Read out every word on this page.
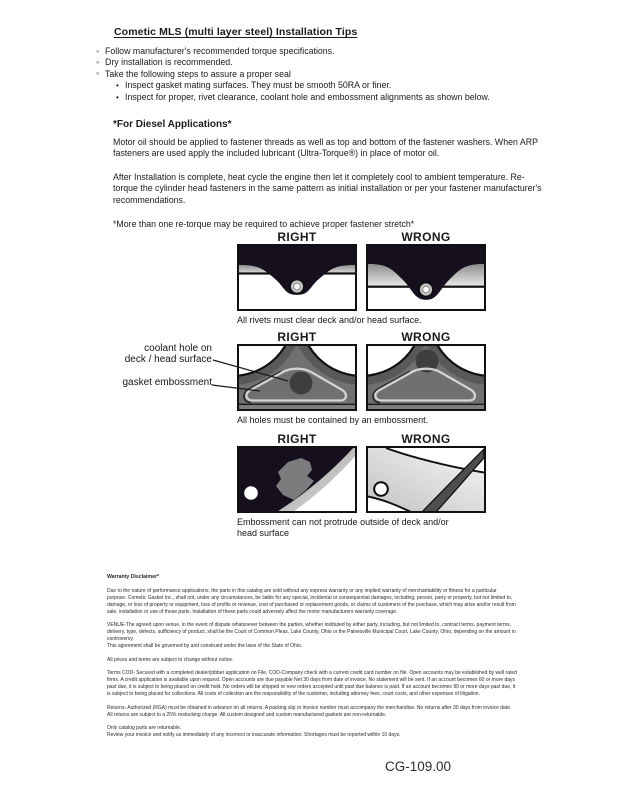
Cometic MLS (multi layer steel) Installation Tips
◦ Follow manufacturer's recommended torque specifications.
◦ Dry installation is recommended.
◦ Take the following steps to assure a proper seal
• Inspect gasket mating surfaces. They must be smooth 50RA or finer.
• Inspect for proper, rivet clearance, coolant hole and embossment alignments as shown below.
*For Diesel Applications*
Motor oil should be applied to fastener threads as well as top and bottom of the fastener washers. When ARP fasteners are used apply the included lubricant (Ultra-Torque®) in place of motor oil.
After Installation is complete, heat cycle the engine then let it completely cool to ambient temperature. Re-torque the cylinder head fasteners in the same pattern as initial installation or per your fastener manufacturer's recommendations.
*More than one re-torque may be required to achieve proper fastener stretch*
RIGHT	WRONG
All rivets must clear deck and/or head surface.
RIGHT	WRONG
All holes must be contained by an embossment.
coolant hole on
deck / head surface
gasket embossment
RIGHT	WRONG
Embossment can not protrude outside of deck and/or head surface
Warranty Disclaimer*

Due to the nature of performance applications, the parts in this catalog are sold without any express warranty or any implied warranty of merchantability or fitness for a particular purpose. Cometic Gasket Inc., shall not, under any circumstances, be liable for any special, incidental or consequential damages, including, person, party or property, but not limited to, damage, or loss of property or equipment, loss of profits or revenue, cost of purchased or replacement goods, or claims of customers of the purchase, which may arise and/or result from sale, installation or use of these parts. Installation of these parts could adversely affect the motor manufacturers warranty coverage.

VENUE-The agreed upon venue, in the event of dispute whatsoever between the parties, whether instituted by either party, including, but not limited to, contract terms, payment terms, delivery, type, defects, sufficiency of product, shall be the Court of Common Pleas, Lake County, Ohio or the Painesville Municipal Court, Lake County, Ohio, depending on the amount in controversy.

This agreement shall be governed by and construed under the laws of the State of Ohio.

All prices and terms are subject to change without notice.

Terms COD- Secured with a completed dealer/jobber application on File, COD-Company check with a current credit card number on file. Open accounts may be established by well rated firms. A credit application is available upon request. Open accounts are due payable Net 30 days from date of invoice. No statement will be sent. If an account becomes 60 or more days past due, it is subject to being placed on credit hold. No orders will be shipped or new orders accepted until past due balance is paid. If an account becomes 90 or more days past due, it is subject to being placed for collections. All costs of collection are the responsibility of the customer, including attorney fees, court costs, and other expenses of litigation.

Returns- Authorized (RGA) must be obtained in advance on all returns. A packing slip or invoice number must accompany the merchandise. No returns after 30 days from invoice date. All returns are subject to a 25% restocking charge. All custom designed and custom manufactured gaskets are non-returnable.

Only catalog parts are returnable.

Review your invoice and notify us immediately of any incorrect or inaccurate information. Shortages must be reported within 10 days.

CG-109.00
